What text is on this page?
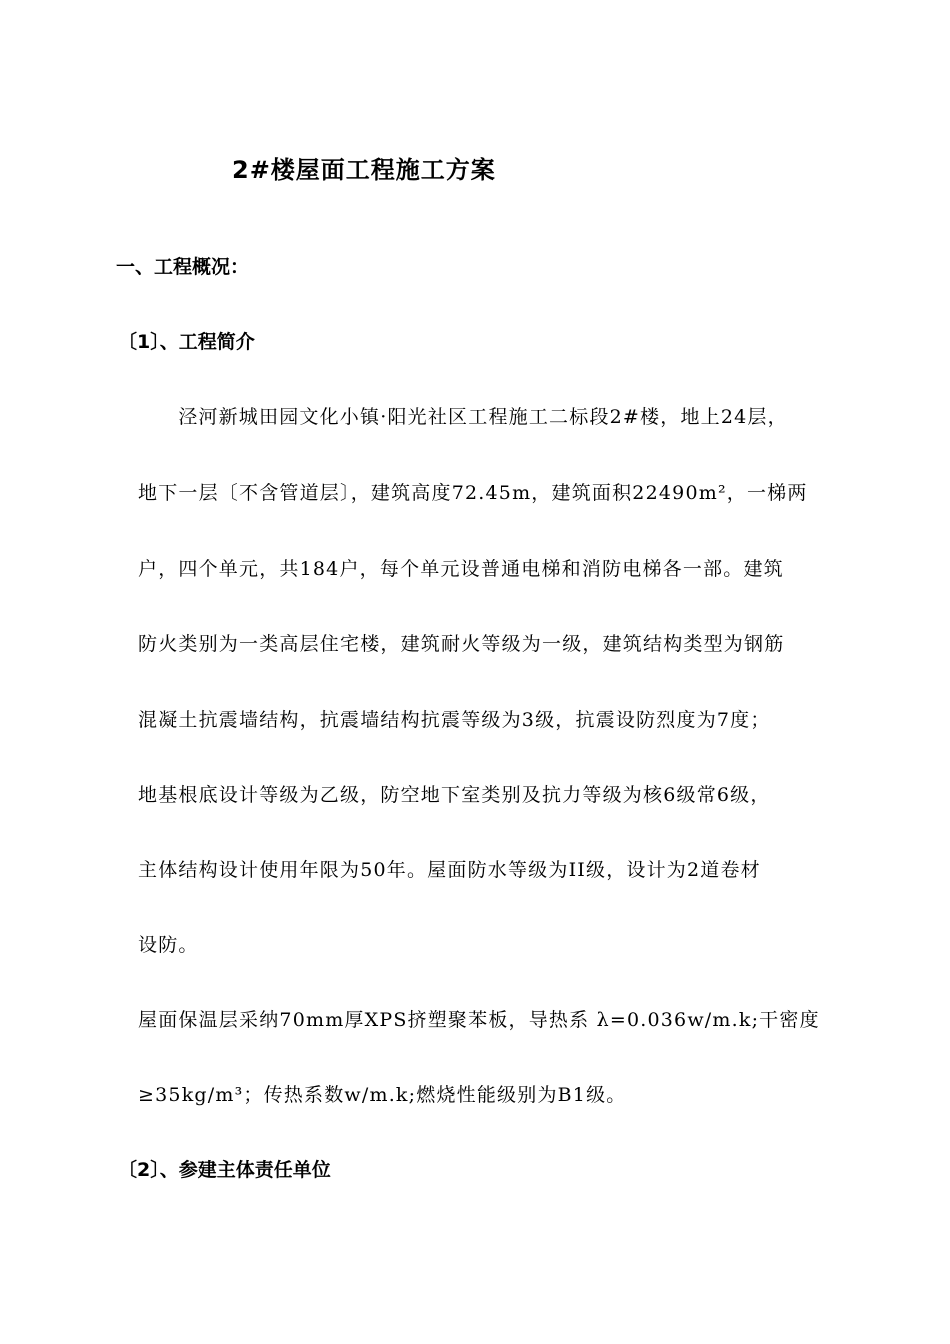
2#楼屋面工程施工方案
一、工程概况：
〔1〕、工程简介
　泾河新城田园文化小镇·阳光社区工程施工二标段2#楼，地上24层，
地下一层〔不含管道层〕，建筑高度72.45m，建筑面积22490m²，一梯两
户，四个单元，共184户，每个单元设普通电梯和消防电梯各一部。建筑
防火类别为一类高层住宅楼，建筑耐火等级为一级，建筑结构类型为钢筋
混凝土抗震墙结构，抗震墙结构抗震等级为3级，抗震设防烈度为7度；
地基根底设计等级为乙级，防空地下室类别及抗力等级为核6级常6级，
主体结构设计使用年限为50年。屋面防水等级为II级，设计为2道卷材
设防。
屋面保温层采纳70mm厚XPS挤塑聚苯板，导热系 λ=0.036w/m.k;干密度
≥35kg/m³；传热系数w/m.k;燃烧性能级别为B1级。
〔2〕、参建主体责任单位
